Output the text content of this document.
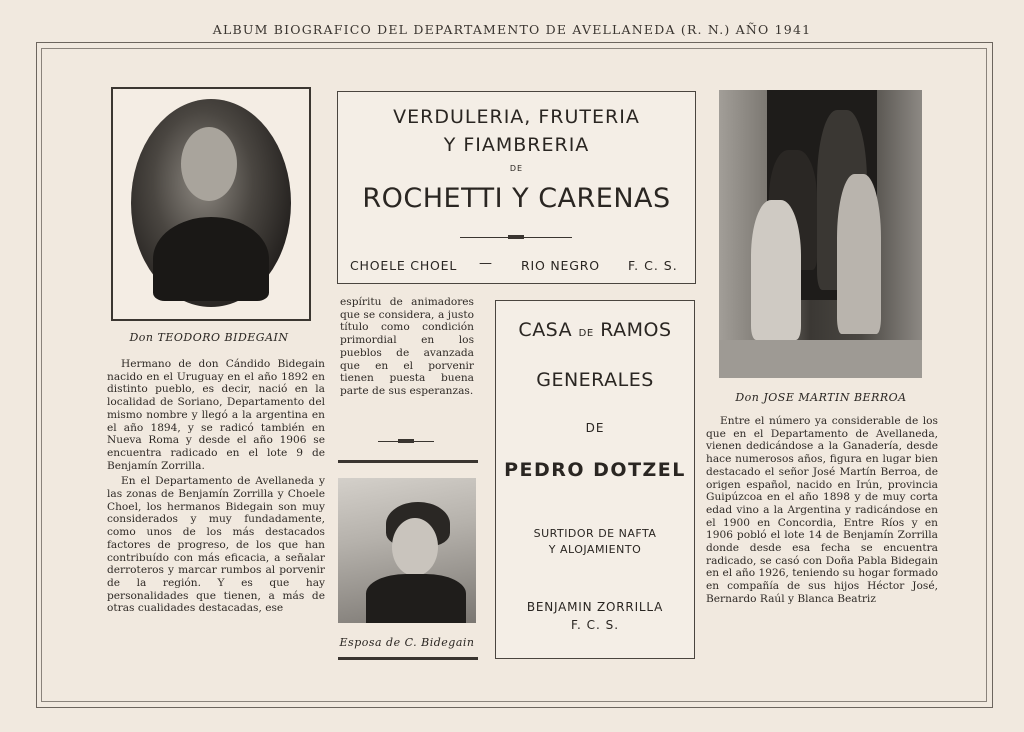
ALBUM BIOGRAFICO DEL DEPARTAMENTO DE AVELLANEDA (R. N.) AÑO 1941
Don TEODORO BIDEGAIN

Hermano de don Cándido Bidegain nacido en el Uruguay en el año 1892 en distinto pueblo, es decir, nació en la localidad de Soriano, Departamento del mismo nombre y llegó a la argentina en el año 1894, y se radicó también en Nueva Roma y desde el año 1906 se encuentra radicado en el lote 9 de Benjamín Zorrilla.

En el Departamento de Avellaneda y las zonas de Benjamín Zorrilla y Choele Choel, los hermanos Bidegain son muy considerados y muy fundadamente, como unos de los más destacados factores de progreso, de los que han contribuído con más eficacia, a señalar derroteros y marcar rumbos al porvenir de la región. Y es que hay personalidades que tienen, a más de otras cualidades destacadas, ese

VERDULERIA, FRUTERIA
Y FIAMBRERIA
DE
ROCHETTI Y CARENAS
CHOELE CHOEL — RIO NEGRO F. C. S.

espíritu de animadores que se considera, a justo título como condición primordial en los pueblos de avanzada que en el porvenir tienen puesta buena parte de sus esperanzas.

Esposa de C. Bidegain
CASA DE RAMOS
GENERALES
DE
PEDRO DOTZEL
SURTIDOR DE NAFTA
Y ALOJAMIENTO
BENJAMIN ZORRILLA
F. C. S.
Don JOSE MARTIN BERROA

Entre el número ya considerable de los que en el Departamento de Avellaneda, vienen dedicándose a la Ganadería, desde hace numerosos años, figura en lugar bien destacado el señor José Martín Berroa, de origen español, nacido en Irún, provincia Guipúzcoa en el año 1898 y de muy corta edad vino a la Argentina y radicándose en el 1900 en Concordia, Entre Ríos y en 1906 pobló el lote 14 de Benjamín Zorrilla donde desde esa fecha se encuentra radicado, se casó con Doña Pabla Bidegain en el año 1926, teniendo su hogar formado en compañía de sus hijos Héctor José, Bernardo Raúl y Blanca Beatriz
